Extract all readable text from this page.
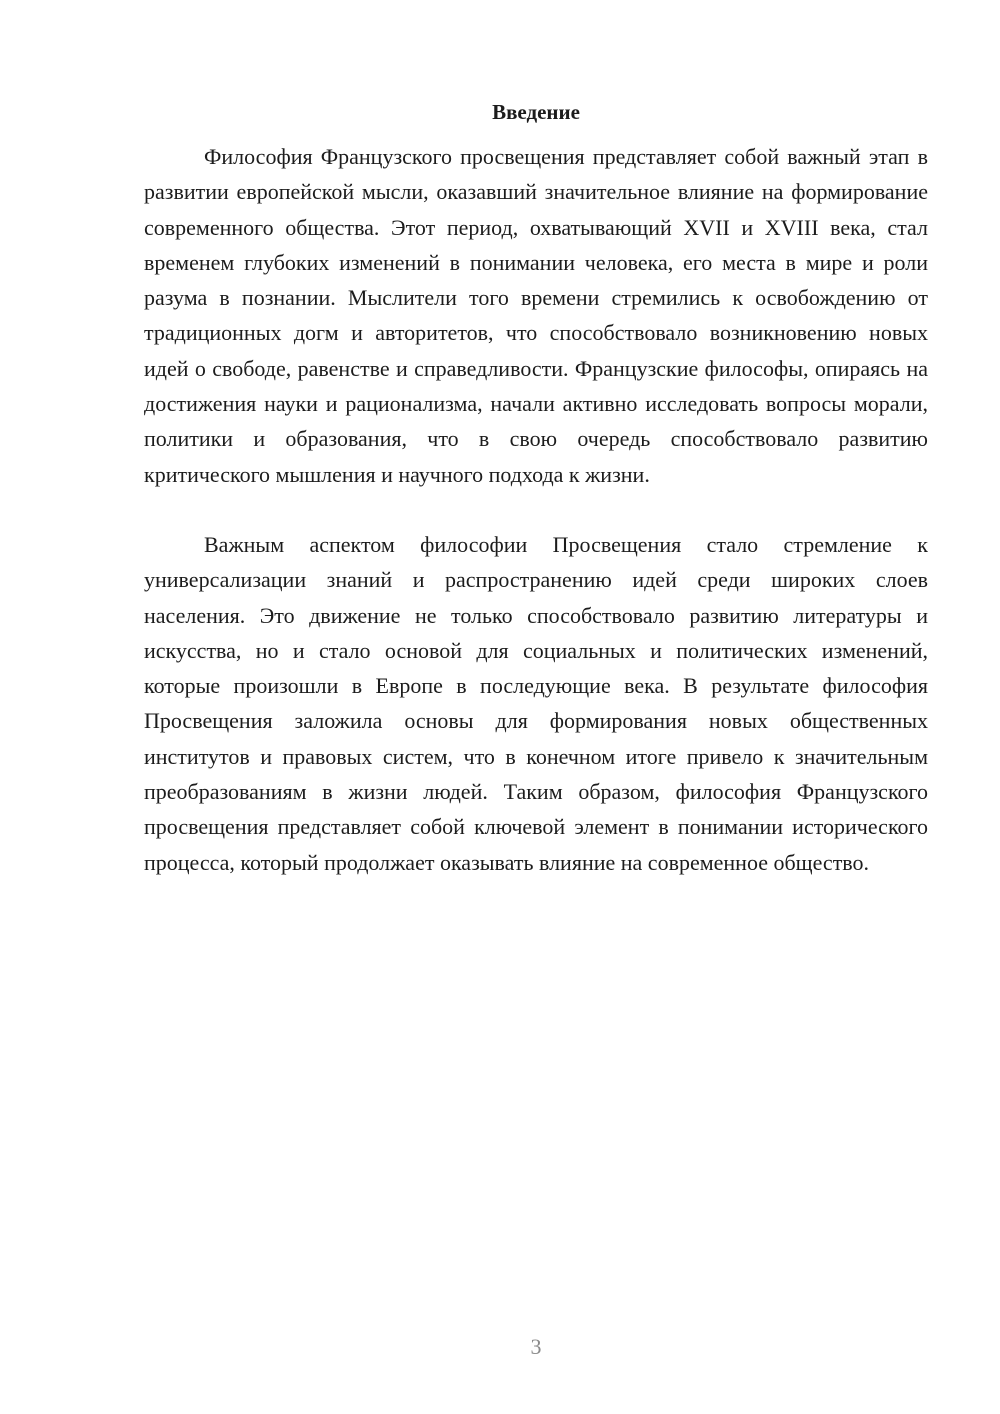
Введение

Философия Французского просвещения представляет собой важный этап в развитии европейской мысли, оказавший значительное влияние на формирование современного общества. Этот период, охватывающий XVII и XVIII века, стал временем глубоких изменений в понимании человека, его места в мире и роли разума в познании. Мыслители того времени стремились к освобождению от традиционных догм и авторитетов, что способствовало возникновению новых идей о свободе, равенстве и справедливости. Французские философы, опираясь на достижения науки и рационализма, начали активно исследовать вопросы морали, политики и образования, что в свою очередь способствовало развитию критического мышления и научного подхода к жизни.

Важным аспектом философии Просвещения стало стремление к универсализации знаний и распространению идей среди широких слоев населения. Это движение не только способствовало развитию литературы и искусства, но и стало основой для социальных и политических изменений, которые произошли в Европе в последующие века. В результате философия Просвещения заложила основы для формирования новых общественных институтов и правовых систем, что в конечном итоге привело к значительным преобразованиям в жизни людей. Таким образом, философия Французского просвещения представляет собой ключевой элемент в понимании исторического процесса, который продолжает оказывать влияние на современное общество.

3
